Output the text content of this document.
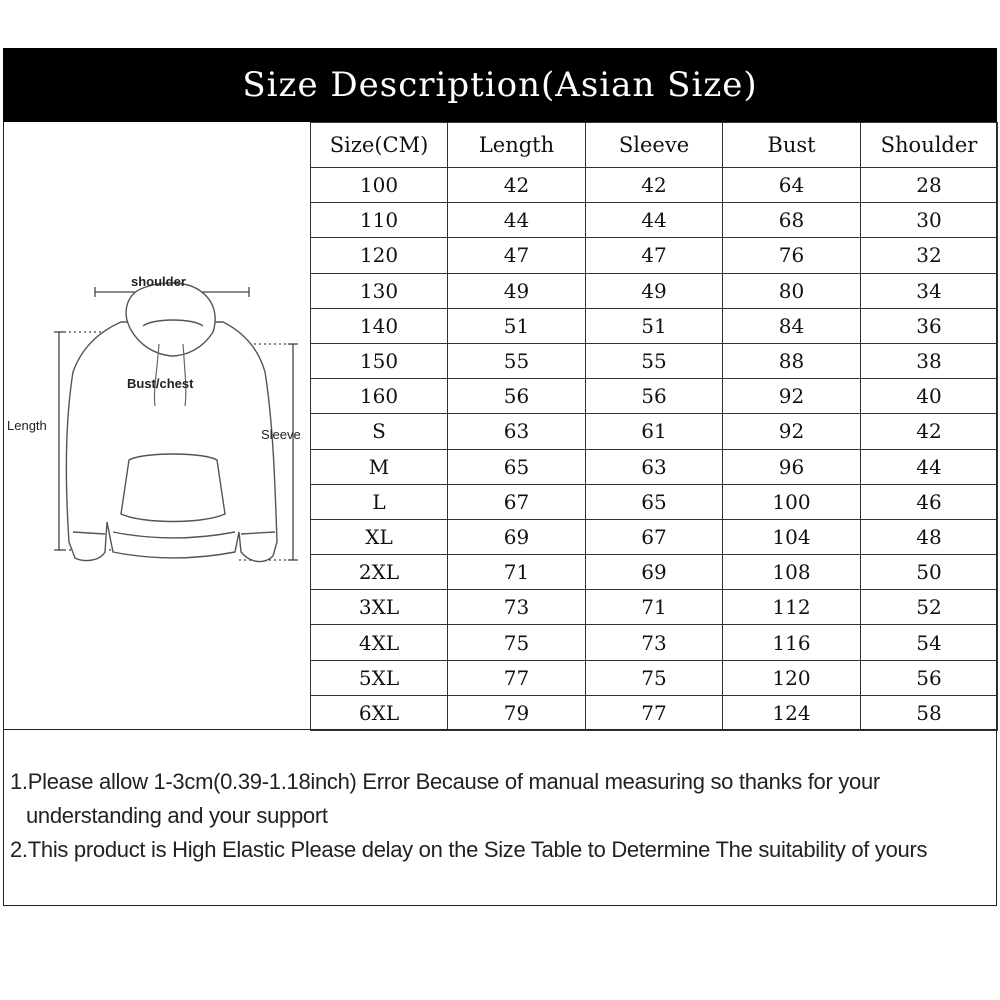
Size Description(Asian Size)
shoulder
Bust/chest
Length
Sleeve
Size(CM)	Length	Sleeve	Bust	Shoulder
100	42	42	64	28
110	44	44	68	30
120	47	47	76	32
130	49	49	80	34
140	51	51	84	36
150	55	55	88	38
160	56	56	92	40
S	63	61	92	42
M	65	63	96	44
L	67	65	100	46
XL	69	67	104	48
2XL	71	69	108	50
3XL	73	71	112	52
4XL	75	73	116	54
5XL	77	75	120	56
6XL	79	77	124	58
1.Please allow 1-3cm(0.39-1.18inch) Error Because of manual measuring so thanks for your
understanding and your support
2.This product is High Elastic Please delay on the Size Table to Determine The suitability of yours
